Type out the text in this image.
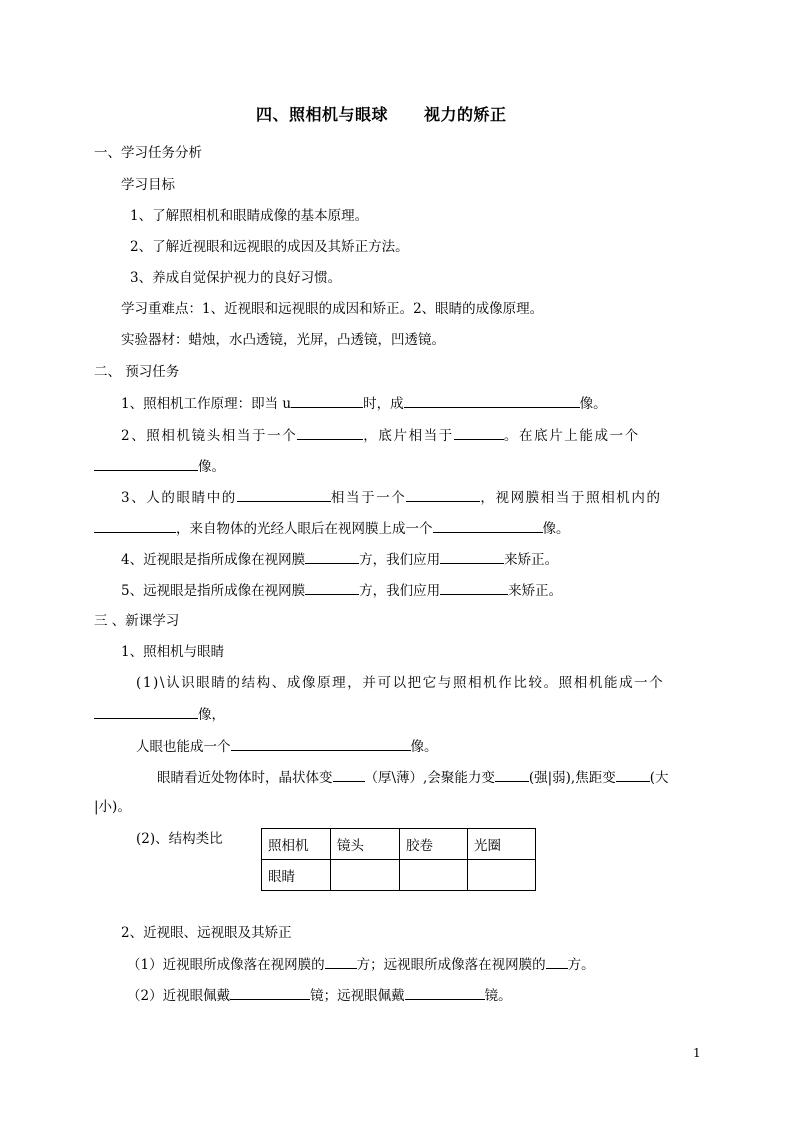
四、照相机与眼球 视力的矫正
一、学习任务分析
学习目标
1、了解照相机和眼睛成像的基本原理。
2、了解近视眼和远视眼的成因及其矫正方法。
3、养成自觉保护视力的良好习惯。
学习重难点：1、近视眼和远视眼的成因和矫正。2、眼睛的成像原理。
实验器材：蜡烛，水凸透镜，光屏，凸透镜，凹透镜。
二、 预习任务
1、照相机工作原理：即当 u	时，成	像。
2、照相机镜头相当于一个	，底片相当于	。在底片上能成一个
像。
3、人的眼睛中的	相当于一个	，视网膜相当于照相机内的
，来自物体的光经人眼后在视网膜上成一个	像。
4、近视眼是指所成像在视网膜	方，我们应用	来矫正。
5、远视眼是指所成像在视网膜	方，我们应用	来矫正。
三 、新课学习
1、照相机与眼睛
(1)\认识眼睛的结构、成像原理，并可以把它与照相机作比较。照相机能成一个
像，
人眼也能成一个	像。
眼睛看近处物体时，晶状体变 （厚\薄）,会聚能力变	(强|弱),焦距变	(大
|小)。
(2)、结构类比	照相机	镜头	胶卷	光圈
眼睛			
2、近视眼、远视眼及其矫正
（1）近视眼所成像落在视网膜的 方；远视眼所成像落在视网膜的 方。
（2）近视眼佩戴	镜；远视眼佩戴	镜。
1
